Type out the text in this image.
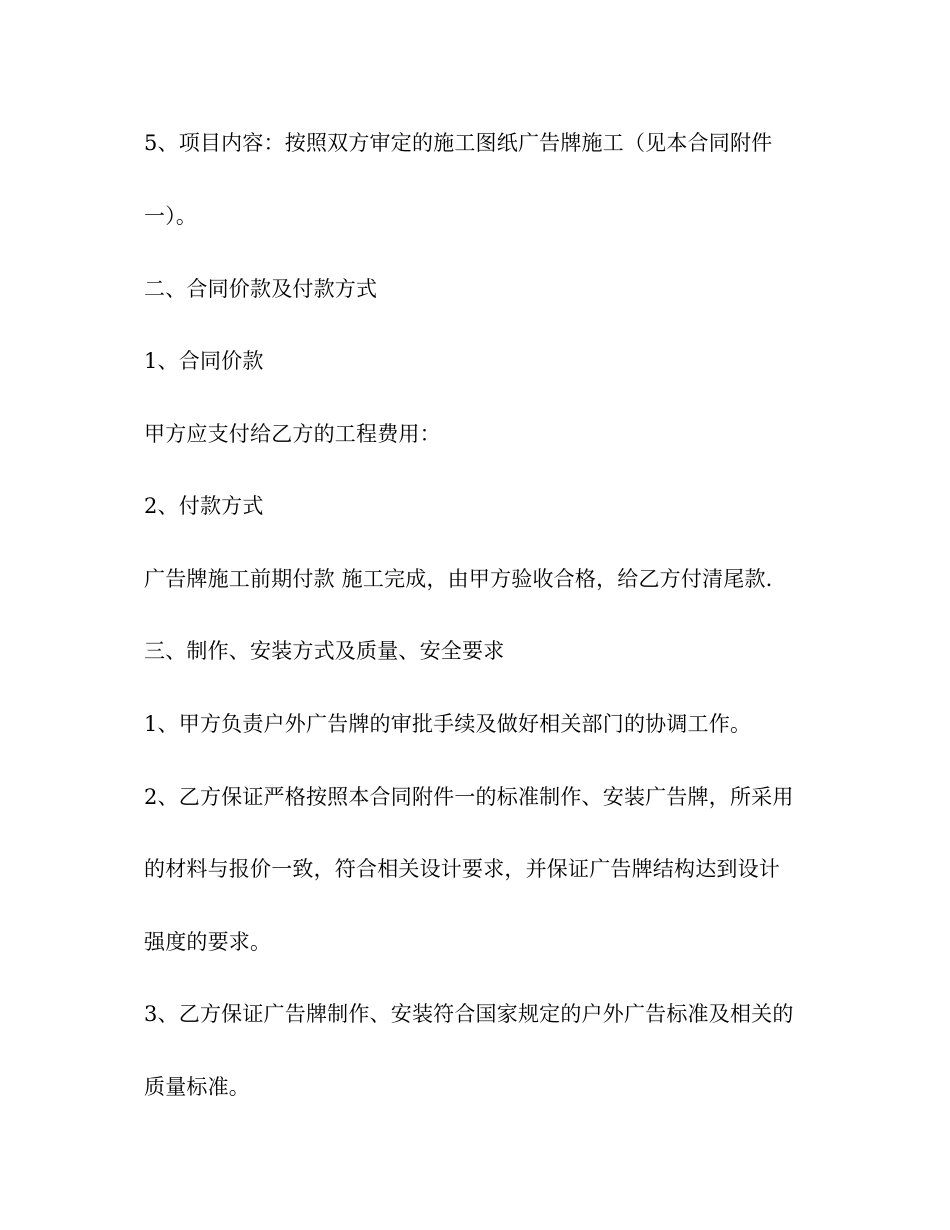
5、项目内容：按照双方审定的施工图纸广告牌施工（见本合同附件
一）。
二、合同价款及付款方式
1、合同价款
甲方应支付给乙方的工程费用：
2、付款方式
广告牌施工前期付款 施工完成，由甲方验收合格，给乙方付清尾款.
三、制作、安装方式及质量、安全要求
1、甲方负责户外广告牌的审批手续及做好相关部门的协调工作。
2、乙方保证严格按照本合同附件一的标准制作、安装广告牌，所采用
的材料与报价一致，符合相关设计要求，并保证广告牌结构达到设计
强度的要求。
3、乙方保证广告牌制作、安装符合国家规定的户外广告标准及相关的
质量标准。
